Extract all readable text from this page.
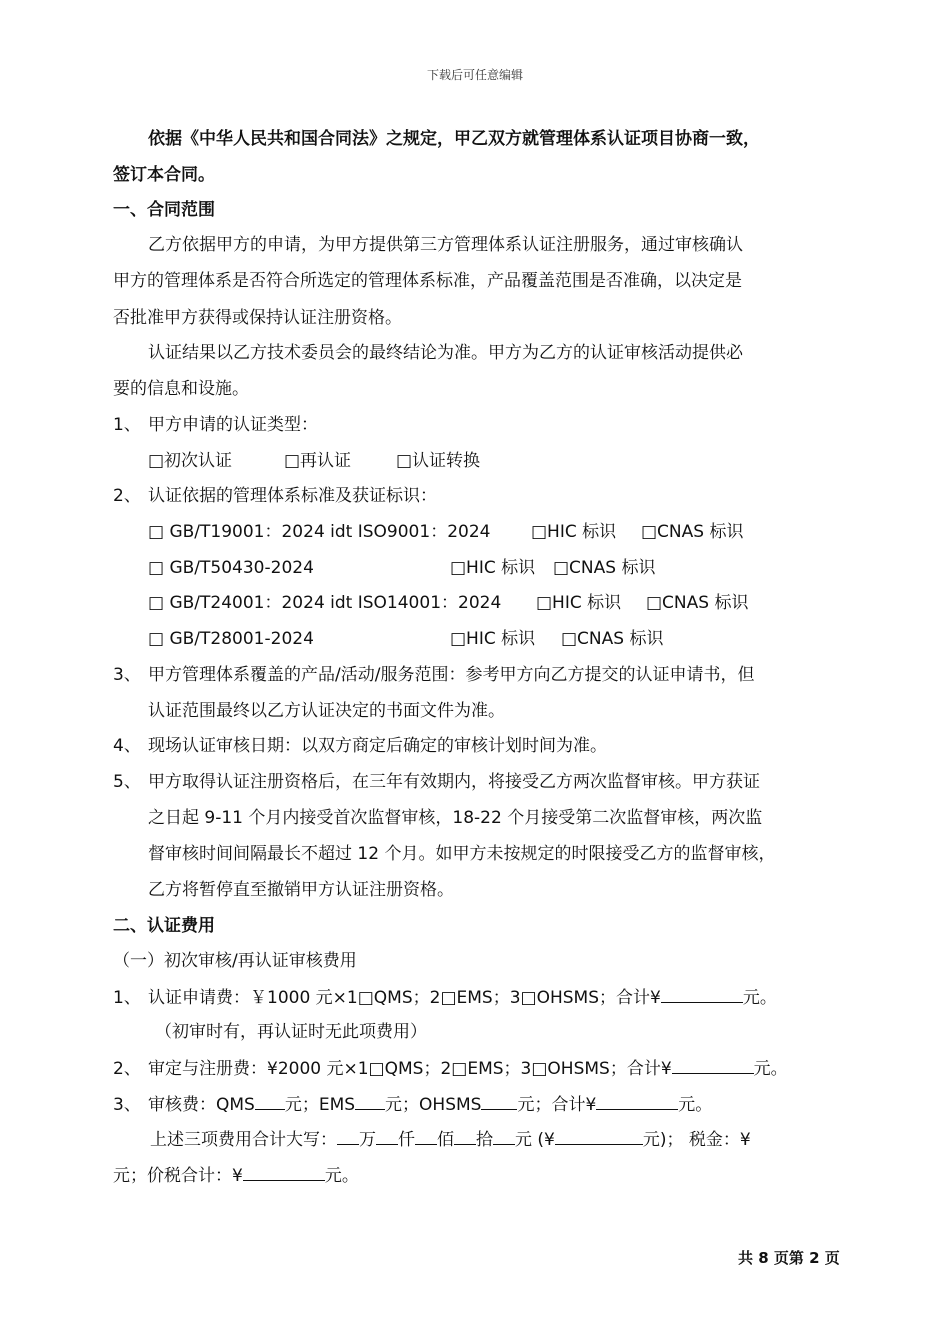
下载后可任意编辑
依据《中华人民共和国合同法》之规定，甲乙双方就管理体系认证项目协商一致，
签订本合同。
一、合同范围
乙方依据甲方的申请，为甲方提供第三方管理体系认证注册服务，通过审核确认
甲方的管理体系是否符合所选定的管理体系标准，产品覆盖范围是否准确，以决定是
否批准甲方获得或保持认证注册资格。
认证结果以乙方技术委员会的最终结论为准。甲方为乙方的认证审核活动提供必
要的信息和设施。
1、 甲方申请的认证类型：
□初次认证	□再认证	□认证转换
2、 认证依据的管理体系标准及获证标识：
□ GB/T19001：2024 idt ISO9001：2024 □HIC 标识 □CNAS 标识
□ GB/T50430-2024	□HIC 标识 □CNAS 标识
□ GB/T24001：2024 idt ISO14001：2024 □HIC 标识 □CNAS 标识
□ GB/T28001-2024	□HIC 标识 □CNAS 标识
3、 甲方管理体系覆盖的产品/活动/服务范围：参考甲方向乙方提交的认证申请书，但
认证范围最终以乙方认证决定的书面文件为准。
4、 现场认证审核日期：以双方商定后确定的审核计划时间为准。
5、 甲方取得认证注册资格后，在三年有效期内，将接受乙方两次监督审核。甲方获证
之日起 9-11 个月内接受首次监督审核，18-22 个月接受第二次监督审核，两次监
督审核时间间隔最长不超过 12 个月。如甲方未按规定的时限接受乙方的监督审核，
乙方将暂停直至撤销甲方认证注册资格。
二、认证费用
（一）初次审核/再认证审核费用
1、 认证申请费：￥1000 元×1□QMS；2□EMS；3□OHSMS；合计¥	元。
（初审时有，再认证时无此项费用）
2、 审定与注册费：¥2000 元×1□QMS；2□EMS；3□OHSMS；合计¥	元。
3、 审核费：QMS 元；EMS 元；OHSMS 元；合计¥	元。
上述三项费用合计大写： 万 仟 佰 拾 元 (¥	元)； 税金：¥
元；价税合计：¥	元。
共 8 页第 2 页
